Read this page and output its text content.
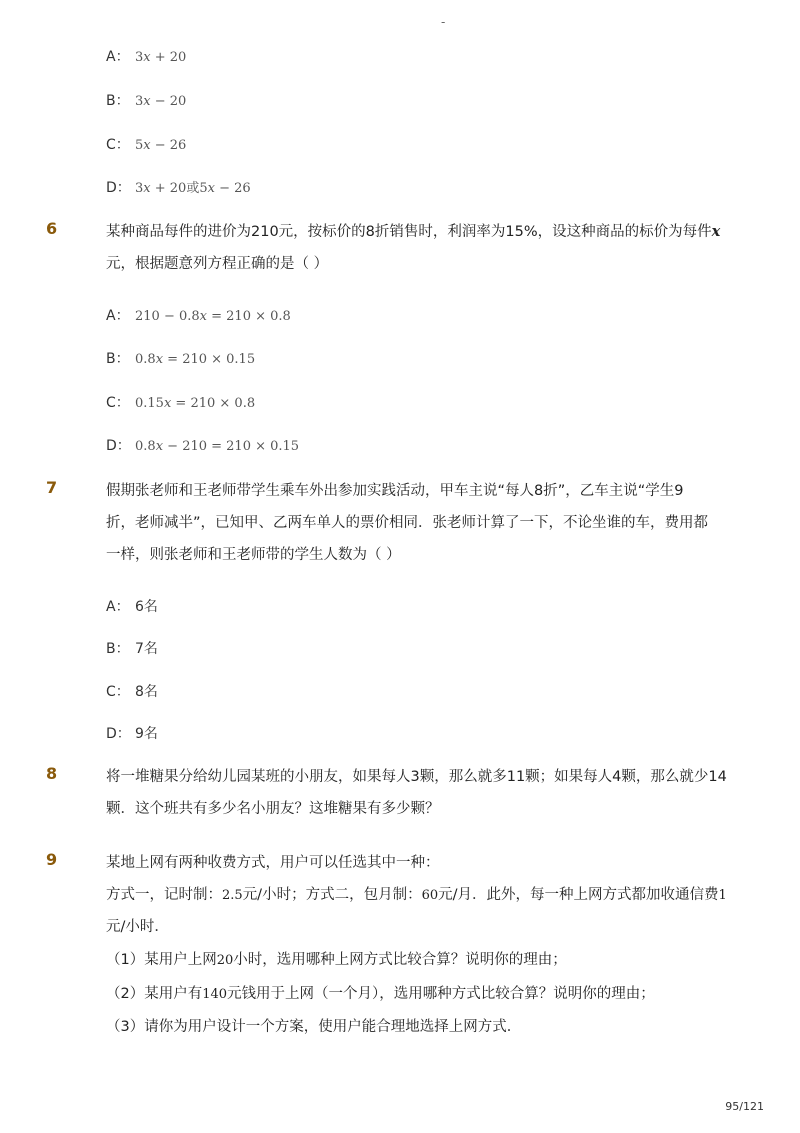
-
A： 3x + 20
B： 3x − 20
C： 5x − 26
D： 3x + 20或5x − 26
6	某种商品每件的进价为210元，按标价的8折销售时，利润率为15%，设这种商品的标价为每件x
元，根据题意列方程正确的是（ ）
A： 210 − 0.8x = 210 × 0.8
B： 0.8x = 210 × 0.15
C： 0.15x = 210 × 0.8
D： 0.8x − 210 = 210 × 0.15
7	假期张老师和王老师带学生乘车外出参加实践活动，甲车主说“每人8折”，乙车主说“学生9
折，老师减半”，已知甲、乙两车单人的票价相同．张老师计算了一下，不论坐谁的车，费用都
一样，则张老师和王老师带的学生人数为（ ）
A： 6名
B： 7名
C： 8名
D： 9名
8	将一堆糖果分给幼儿园某班的小朋友，如果每人3颗，那么就多11颗；如果每人4颗，那么就少14
颗．这个班共有多少名小朋友？这堆糖果有多少颗？
9	某地上网有两种收费方式，用户可以任选其中一种：
方式一，记时制：2.5元/小时；方式二，包月制：60元/月．此外，每一种上网方式都加收通信费1
元/小时．
（1）某用户上网20小时，选用哪种上网方式比较合算？说明你的理由；
（2）某用户有140元钱用于上网（一个月），选用哪种方式比较合算？说明你的理由；
（3）请你为用户设计一个方案，使用户能合理地选择上网方式．
95/121
